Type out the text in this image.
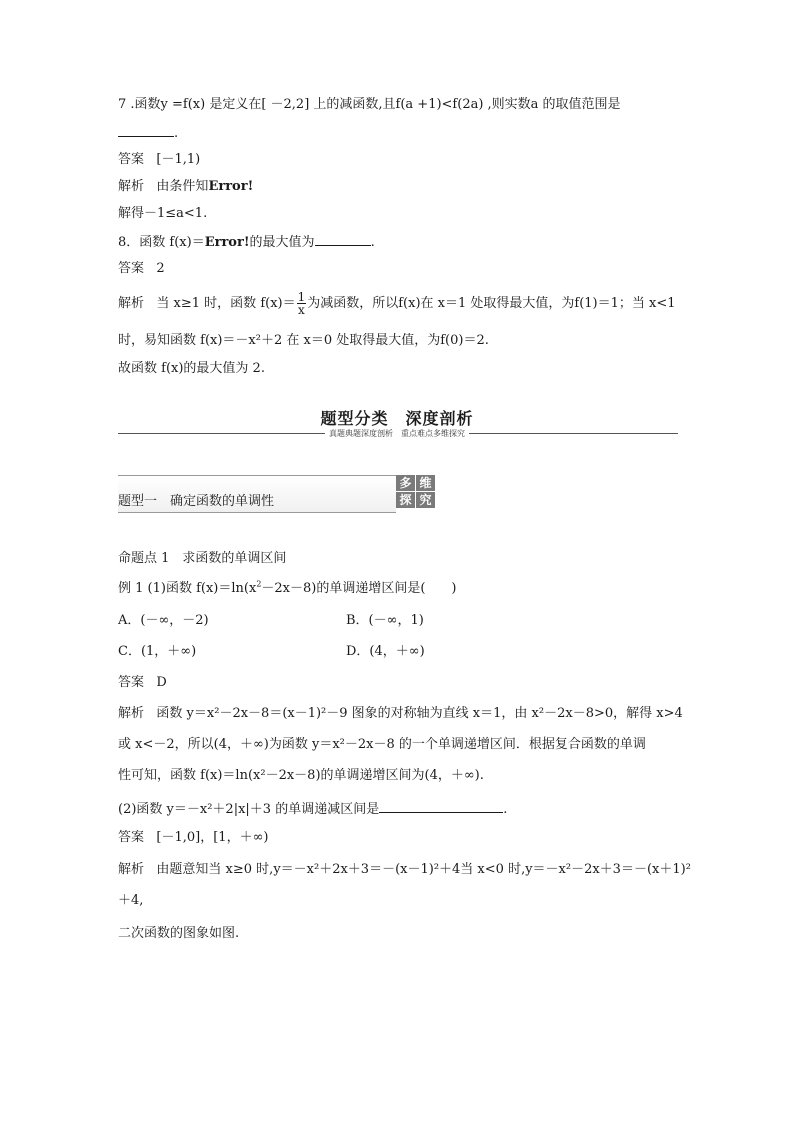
7 .函数y =f(x) 是定义在[ －2,2] 上的减函数,且f(a +1)<f(2a) ,则实数a 的取值范围是
.
答案 [－1,1)
解析 由条件知Error!
解得－1≤a<1.
8．函数 f(x)＝Error!的最大值为	.
答案 2
解析 当 x≥1 时，函数 $f(x)= \frac{1}{x}$ 为减函数，所以f(x)在 x＝1 处取得最大值，为f(1)＝1；当 x<1
时，易知函数 f(x)＝－x²＋2 在 x＝0 处取得最大值，为f(0)＝2.
故函数 f(x)的最大值为 2.
题型分类　深度剖析
真题典题深度剖析　重点难点多维探究
题型一　确定函数的单调性
多 维
探 究
命题点 1　求函数的单调区间
例 1 (1)函数 $f(x)=\ln(x^2-2x-8)$的单调递增区间是(　　)
A．(－∞，－2)	B．(－∞，1)
C．(1，＋∞)	D．(4，＋∞)
答案 D
解析 函数 y＝x²－2x－8＝(x－1)²－9 图象的对称轴为直线 x＝1，由 x²－2x－8>0，解得 x>4
或 x<－2，所以(4，＋∞)为函数 y＝x²－2x－8 的一个单调递增区间．根据复合函数的单调
性可知，函数 f(x)＝ln(x²－2x－8)的单调递增区间为(4，＋∞).
(2)函数 y＝－x²＋2|x|＋3 的单调递减区间是	.
答案 [－1,0]，[1，＋∞)
解析 由题意知当 x≥0 时,y＝－x²＋2x＋3＝－(x－1)²＋4当 x<0 时,y＝－x²－2x＋3＝－(x＋1)²
＋4,
二次函数的图象如图.
